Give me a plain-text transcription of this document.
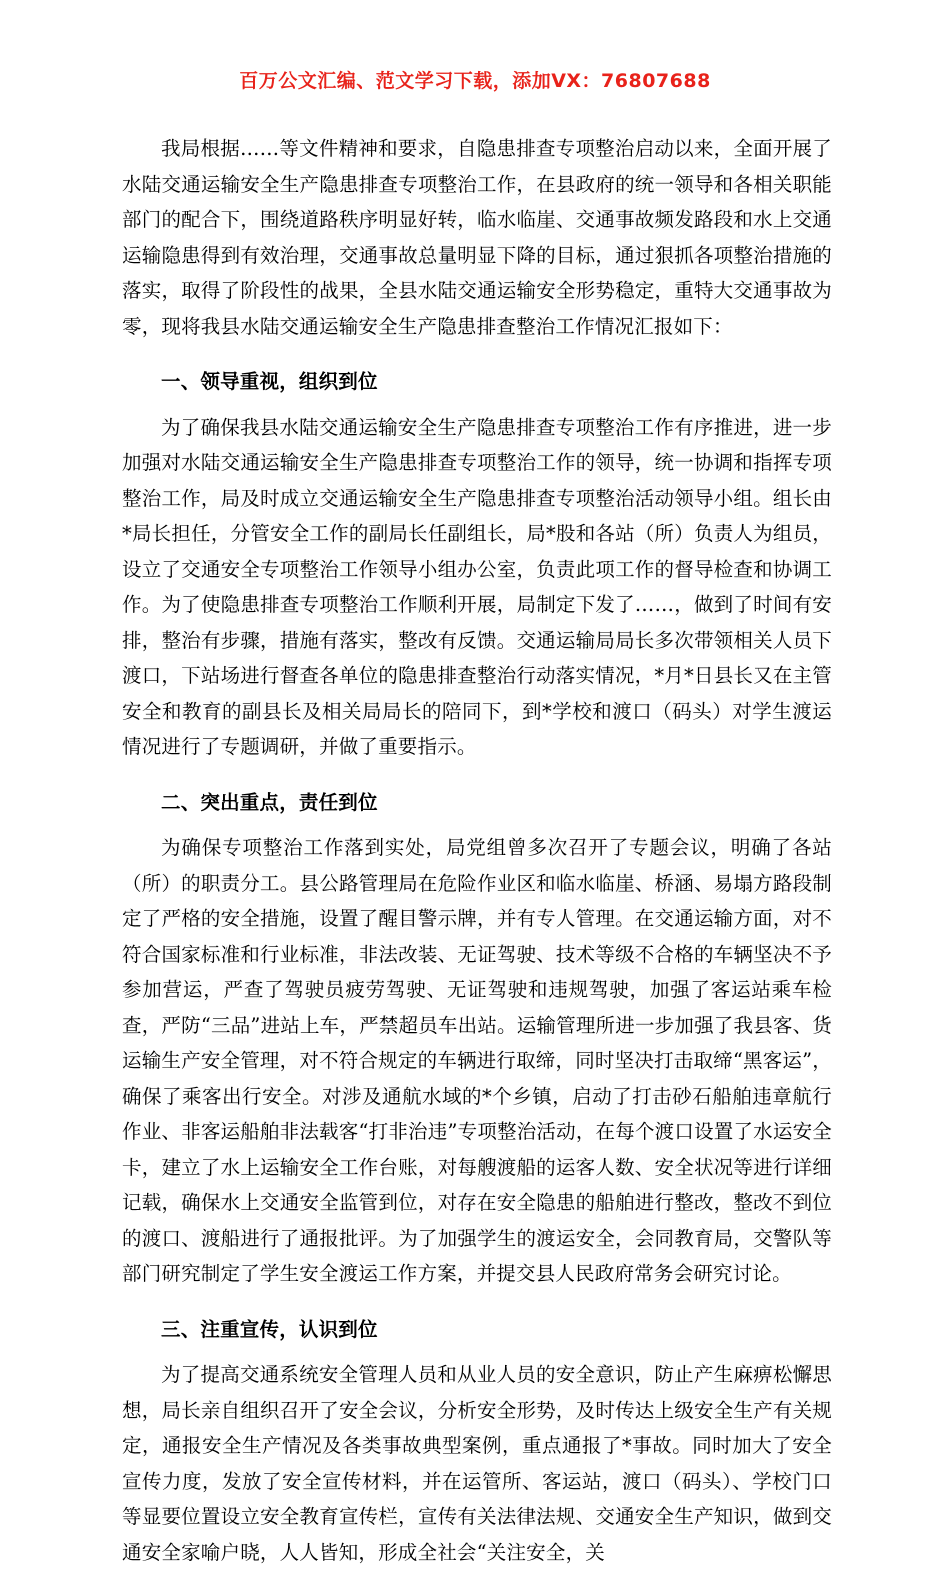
百万公文汇编、范文学习下载，添加VX：76807688

我局根据……等文件精神和要求，自隐患排查专项整治启动以来，全面开展了水陆交通运输安全生产隐患排查专项整治工作，在县政府的统一领导和各相关职能部门的配合下，围绕道路秩序明显好转，临水临崖、交通事故频发路段和水上交通运输隐患得到有效治理，交通事故总量明显下降的目标，通过狠抓各项整治措施的落实，取得了阶段性的战果，全县水陆交通运输安全形势稳定，重特大交通事故为零，现将我县水陆交通运输安全生产隐患排查整治工作情况汇报如下：

一、领导重视，组织到位

为了确保我县水陆交通运输安全生产隐患排查专项整治工作有序推进，进一步加强对水陆交通运输安全生产隐患排查专项整治工作的领导，统一协调和指挥专项整治工作，局及时成立交通运输安全生产隐患排查专项整治活动领导小组。组长由*局长担任，分管安全工作的副局长任副组长，局*股和各站（所）负责人为组员，设立了交通安全专项整治工作领导小组办公室，负责此项工作的督导检查和协调工作。为了使隐患排查专项整治工作顺利开展，局制定下发了……，做到了时间有安排，整治有步骤，措施有落实，整改有反馈。交通运输局局长多次带领相关人员下渡口，下站场进行督查各单位的隐患排查整治行动落实情况，*月*日县长又在主管安全和教育的副县长及相关局局长的陪同下，到*学校和渡口（码头）对学生渡运情况进行了专题调研，并做了重要指示。

二、突出重点，责任到位

为确保专项整治工作落到实处，局党组曾多次召开了专题会议，明确了各站（所）的职责分工。县公路管理局在危险作业区和临水临崖、桥涵、易塌方路段制定了严格的安全措施，设置了醒目警示牌，并有专人管理。在交通运输方面，对不符合国家标准和行业标准，非法改装、无证驾驶、技术等级不合格的车辆坚决不予参加营运，严查了驾驶员疲劳驾驶、无证驾驶和违规驾驶，加强了客运站乘车检查，严防“三品”进站上车，严禁超员车出站。运输管理所进一步加强了我县客、货运输生产安全管理，对不符合规定的车辆进行取缔，同时坚决打击取缔“黑客运”，确保了乘客出行安全。对涉及通航水域的*个乡镇，启动了打击砂石船舶违章航行作业、非客运船舶非法载客“打非治违”专项整治活动，在每个渡口设置了水运安全卡，建立了水上运输安全工作台账，对每艘渡船的运客人数、安全状况等进行详细记载，确保水上交通安全监管到位，对存在安全隐患的船舶进行整改，整改不到位的渡口、渡船进行了通报批评。为了加强学生的渡运安全，会同教育局，交警队等部门研究制定了学生安全渡运工作方案，并提交县人民政府常务会研究讨论。

三、注重宣传，认识到位

为了提高交通系统安全管理人员和从业人员的安全意识，防止产生麻痹松懈思想，局长亲自组织召开了安全会议，分析安全形势，及时传达上级安全生产有关规定，通报安全生产情况及各类事故典型案例，重点通报了*事故。同时加大了安全宣传力度，发放了安全宣传材料，并在运管所、客运站，渡口（码头）、学校门口等显要位置设立安全教育宣传栏，宣传有关法律法规、交通安全生产知识，做到交通安全家喻户晓，人人皆知，形成全社会“关注安全，关
